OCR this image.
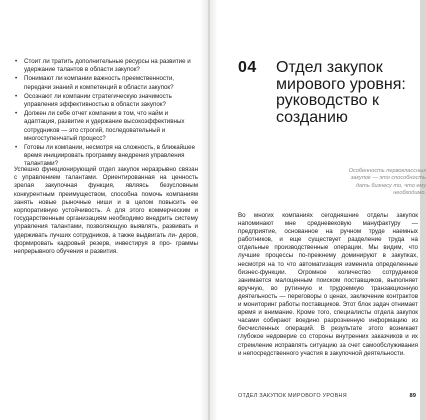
• Стоит ли тратить дополнительные ресурсы на развитие и удержание талантов в области закупок?
• Понимают ли компании важность преемственности, передачи знаний и компетенций в области закупок?
• Осознают ли компании стратегическую значимость управления эффективностью в области закупок?
• Должен ли себе отчет компании в том, что найм и адаптация, развитие и удержание высокоэффективных сотрудников — это строгий, последовательный и многоступенчатый процесс?
• Готовы ли компании, несмотря на сложность, в ближайшее время инициировать программу внедрения управления талантами?

Успешно функционирующий отдел закупок неразрывно связан с управлением талантами. Ориентированная на ценность зрелая закупочная функция, являясь безусловным конкурентным преимуществом, способна помочь компаниям занять новые рыночные ниши и в целом повысить ее корпоративную устойчивость. А для этого коммерческим и государственным организациям необходимо внедрить систему управления талантами, позволяющую выявлять, развивать и удерживать лучших сотрудников, а также выдвигать ли- деров, формировать кадровый резерв, инвестируя в про- граммы непрерывного обучения и развития.

04	Отдел закупок мирового уровня: руководство к созданию
Особенность первоклассных закупок — это способность дать бизнесу то, что ему необходимо.

Во многих компаниях сегодняшние отделы закупок напоминают мне средневековую мануфактуру — предприятие, основанное на ручном труде наемных работников, и еще существует разделение труда на отдельные производственные операции. Мы видим, что лучшие процессы по-прежнему доминируют в закупках, несмотря на то что автоматизация изменила определенные бизнес-функции. Огромное количество сотрудников занимается малоценным поиском поставщиков, выполняет вручную, во рутинную и трудоемкую транзакционную деятельность — переговоры о ценах, заключение контрактов и мониторинг работы поставщиков. Этот блок задач отнимает время и внимание. Кроме того, специалисты отдела закупок часами собирают воедино разрозненную информацию из бесчисленных операций. В результате этого возникает глубокое недоверие со стороны внутренних заказчиков и их стремление исправлять ситуацию за счет самообслуживания и непосредственного участия в закупочной деятельности.

ОТДЕЛ ЗАКУПОК МИРОВОГО УРОВНЯ	89
